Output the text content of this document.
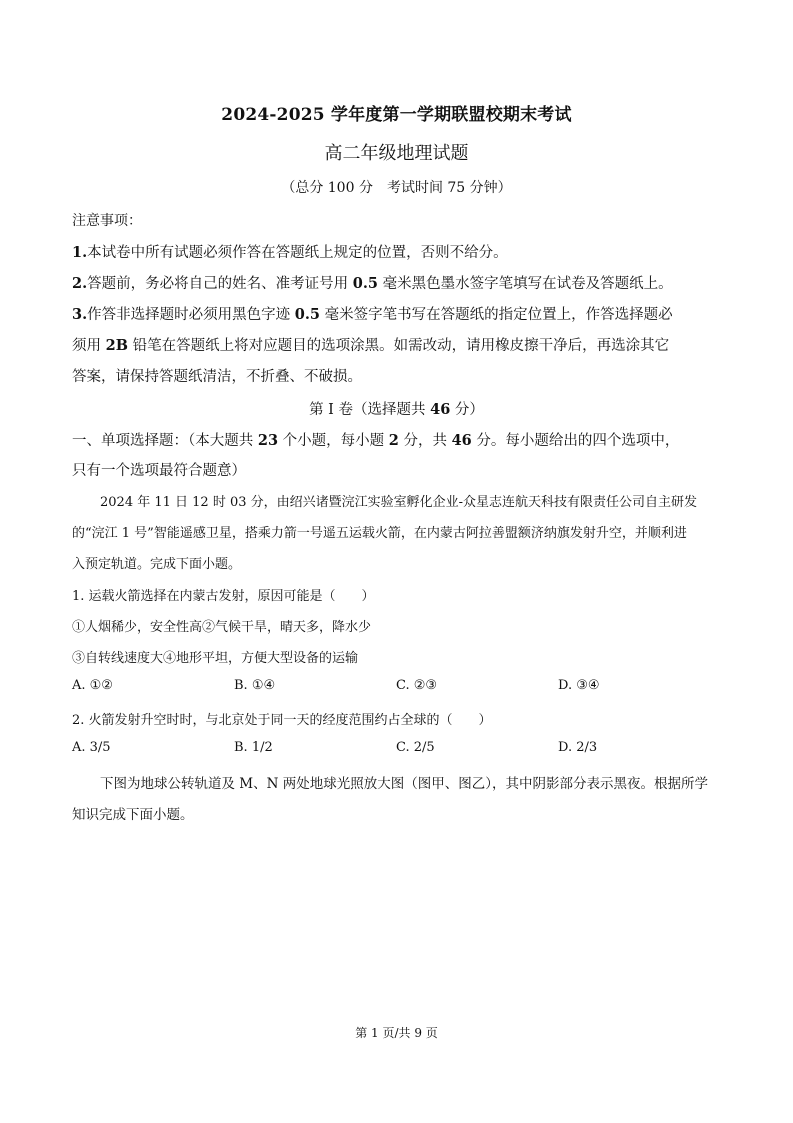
2024-2025 学年度第一学期联盟校期末考试
高二年级地理试题
（总分 100 分　考试时间 75 分钟）
注意事项：
1.本试卷中所有试题必须作答在答题纸上规定的位置，否则不给分。
2.答题前，务必将自己的姓名、准考证号用 0.5 毫米黑色墨水签字笔填写在试卷及答题纸上。
3.作答非选择题时必须用黑色字迹 0.5 毫米签字笔书写在答题纸的指定位置上，作答选择题必
须用 2B 铅笔在答题纸上将对应题目的选项涂黑。如需改动，请用橡皮擦干净后，再选涂其它
答案，请保持答题纸清洁，不折叠、不破损。
第 I 卷（选择题共 46 分）
一、单项选择题：（本大题共 23 个小题，每小题 2 分，共 46 分。每小题给出的四个选项中，
只有一个选项最符合题意）
2024 年 11 日 12 时 03 分，由绍兴诸暨浣江实验室孵化企业-众星志连航天科技有限责任公司自主研发
的“浣江 1 号”智能遥感卫星，搭乘力箭一号遥五运载火箭，在内蒙古阿拉善盟额济纳旗发射升空，并顺利进
入预定轨道。完成下面小题。
1. 运载火箭选择在内蒙古发射，原因可能是（　　）
①人烟稀少，安全性高②气候干旱，晴天多，降水少
③自转线速度大④地形平坦，方便大型设备的运输
A. ①②	B. ①④	C. ②③	D. ③④
2. 火箭发射升空时时，与北京处于同一天的经度范围约占全球的（　　）
A. 3/5	B. 1/2	C. 2/5	D. 2/3
下图为地球公转轨道及 M、N 两处地球光照放大图（图甲、图乙），其中阴影部分表示黑夜。根据所学
知识完成下面小题。
第 1 页/共 9 页
